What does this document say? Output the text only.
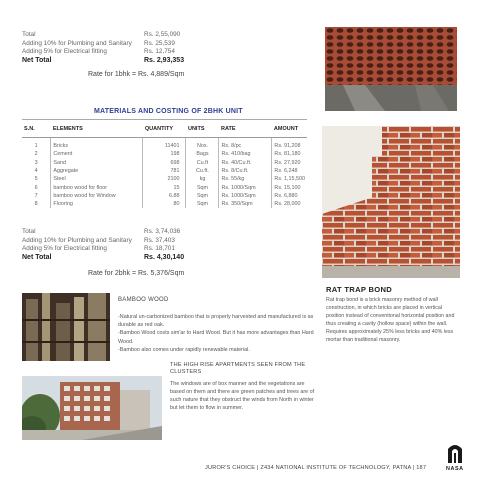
Total	Rs. 2,55,090
Adding 10% for Plumbing and Sanitary	Rs. 25,539
Adding 5% for Electrical fitting	Rs. 12,754
Net Total	Rs. 2,93,353
Rate for 1bhk = Rs. 4,889/Sqm
MATERIALS AND COSTING OF 2BHK UNIT
S.N.	ELEMENTS	QUANTITY	UNITS	RATE	AMOUNT
1	Bricks	11401	Nos.	Rs. 8/pc	Rs. 91,208
2	Cement	198	Bags	Rs. 410/bag	Rs. 81,180
3	Sand	698	Cu.ft	Rs. 40/Cu.ft.	Rs. 27,920
4	Aggregate	781	Cu.ft.	Rs. 8/Cu.ft.	Rs. 6,248
5	Steel	2100	kg	Rs. 55/kg	Rs. 1,15,500
6	bamboo wood for floor	15	Sqm	Rs. 1000/Sqm	Rs. 15,100
7	bamboo wood for Window	6.88	Sqm	Rs. 1000/Sqm	Rs. 6,880
8	Flooring	80	Sqm	Rs. 350/Sqm	Rs. 28,000
Total	Rs. 3,74,036
Adding 10% for Plumbing and Sanitary	Rs. 37,403
Adding 5% for Electrical fitting	Rs. 18,701
Net Total	Rs. 4,30,140
Rate for 2bhk = Rs. 5,376/Sqm
RAT TRAP BOND
Rat trap bond is a brick masonry method of wall construction, in which bricks are placed in vertical position instead of conventional horizontal position and thus creating a cavity (hollow space) within the wall.
Requires approximately 25% less bricks and 40% less mortar than traditional masonry.
BAMBOO WOOD
-Natural un-carbonized bamboo that is properly harvested and manufactured is as durable as red oak.
-Bamboo Wood costs sim'ar to Hard Wood. But it has more advantages than Hard Wood.
-Bamboo also comes under rapidly renewable material.
THE HIGH RISE APARTMENTS SEEN FROM THE CLUSTERS
The windows are of box manner and the vegetations are based on them and there are green patches and trees are of such nature that they obstruct the winds from North in winter but let them to flow in summer.
JUROR'S CHOICE | Z434 NATIONAL INSTITUTE OF TECHNOLOGY, PATNA | 187	NASA
